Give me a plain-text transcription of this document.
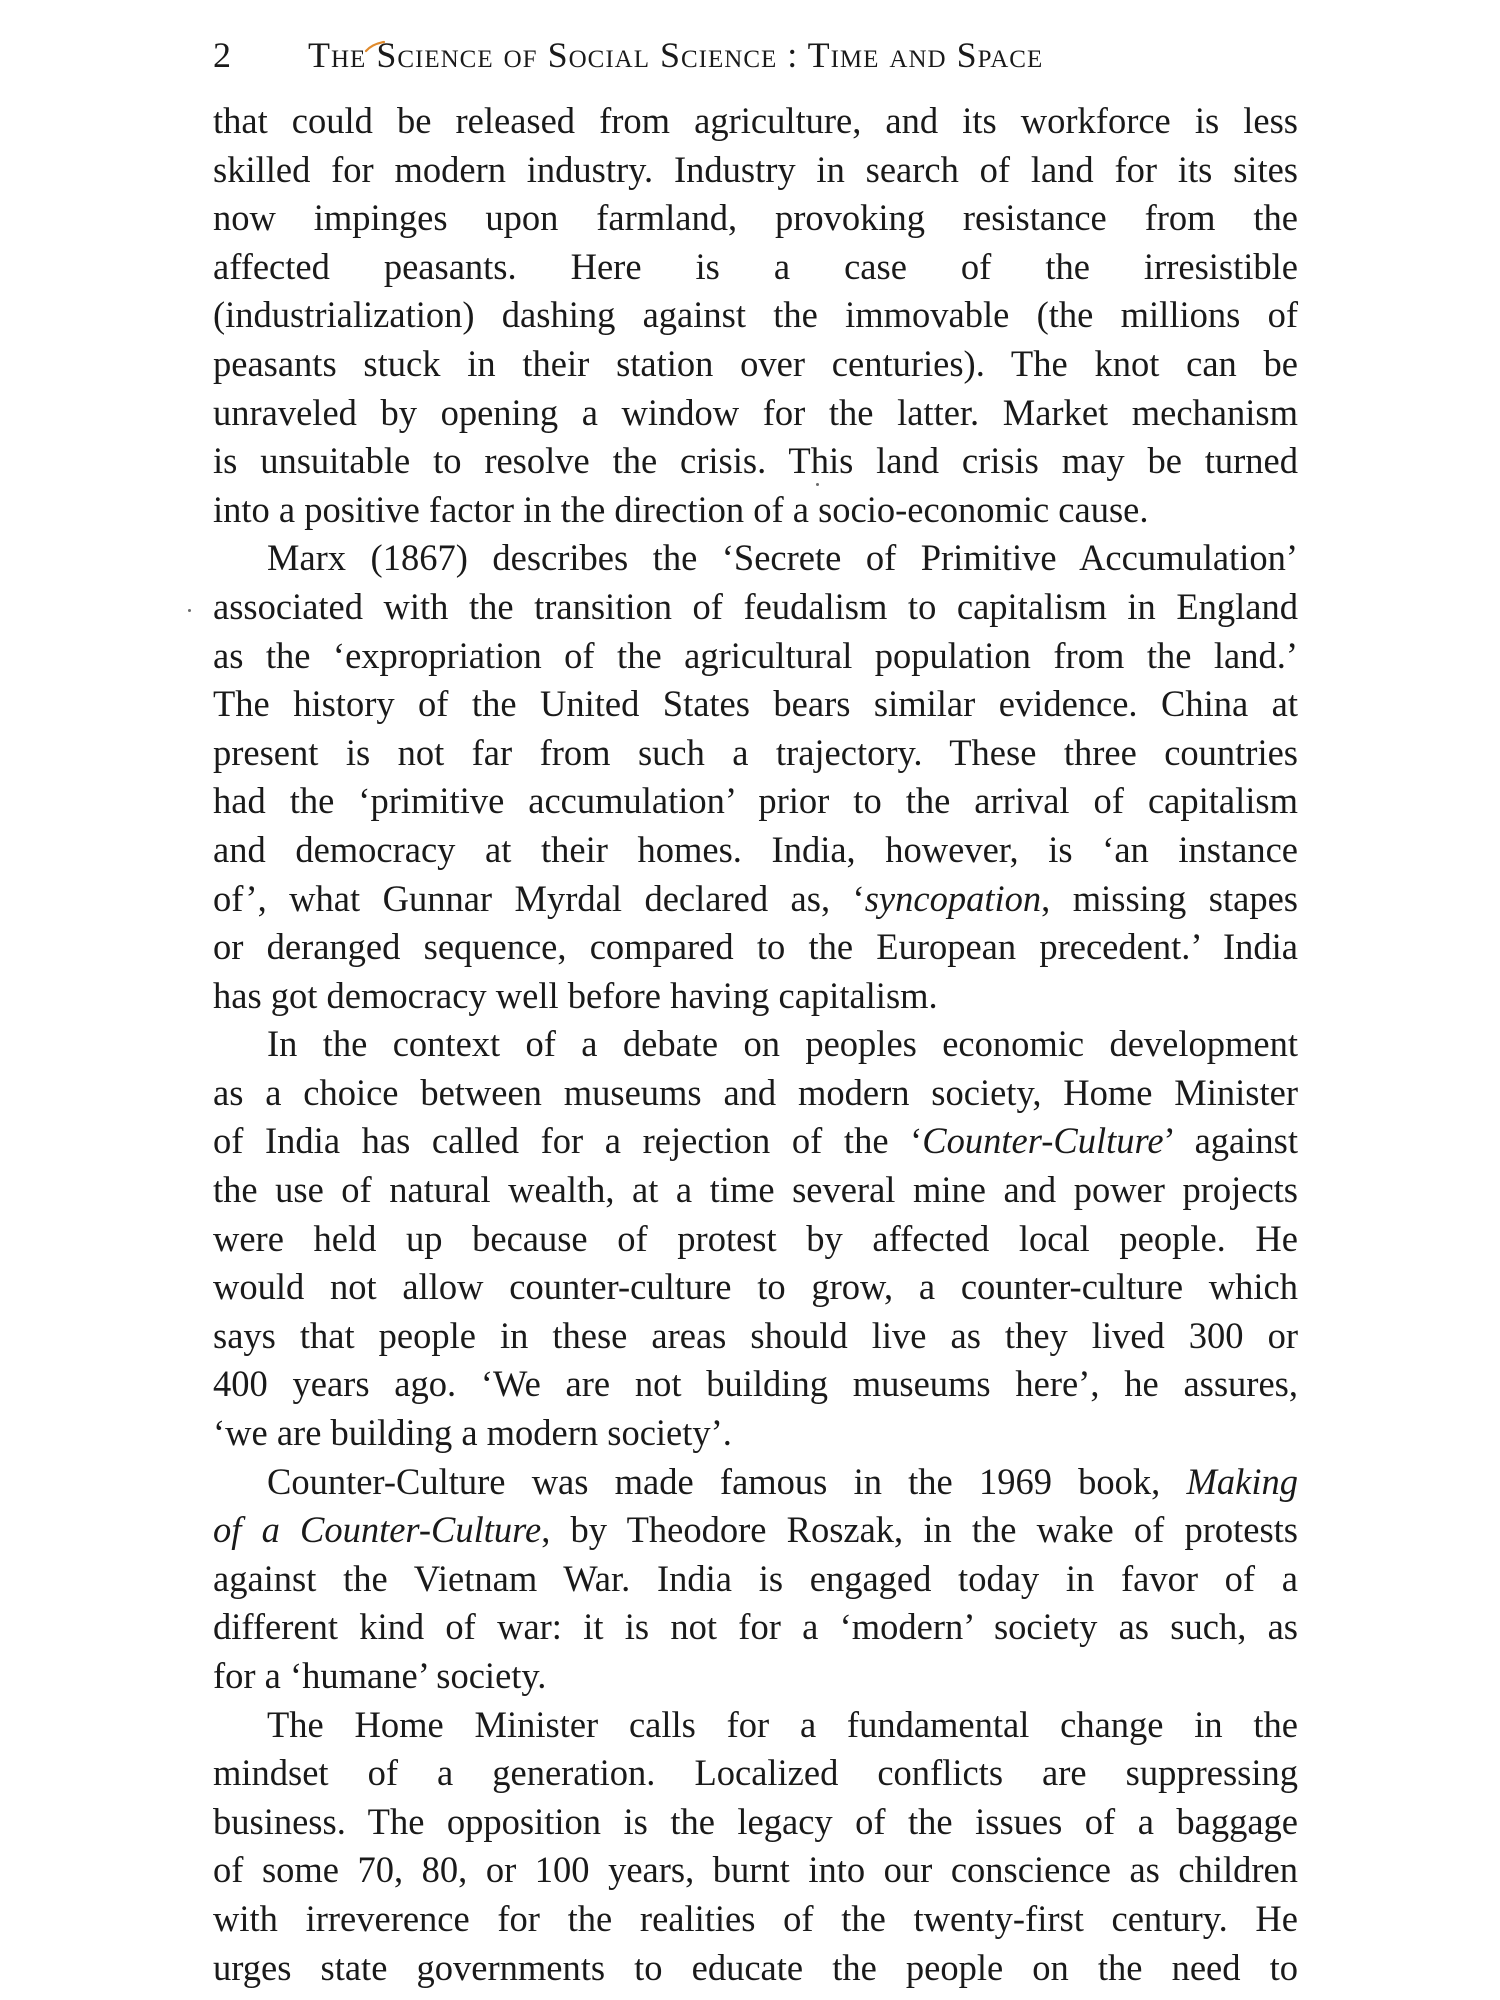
2	The Science of Social Science : Time and Space
that could be released from agriculture, and its workforce is less
skilled for modern industry. Industry in search of land for its sites
now impinges upon farmland, provoking resistance from the
affected peasants. Here is a case of the irresistible
(industrialization) dashing against the immovable (the millions of
peasants stuck in their station over centuries). The knot can be
unraveled by opening a window for the latter. Market mechanism
is unsuitable to resolve the crisis. This land crisis may be turned
into a positive factor in the direction of a socio-economic cause.
Marx (1867) describes the ‘Secrete of Primitive Accumulation’
associated with the transition of feudalism to capitalism in England
as the ‘expropriation of the agricultural population from the land.’
The history of the United States bears similar evidence. China at
present is not far from such a trajectory. These three countries
had the ‘primitive accumulation’ prior to the arrival of capitalism
and democracy at their homes. India, however, is ‘an instance
of’, what Gunnar Myrdal declared as, ‘syncopation, missing stapes
or deranged sequence, compared to the European precedent.’ India
has got democracy well before having capitalism.
In the context of a debate on peoples economic development
as a choice between museums and modern society, Home Minister
of India has called for a rejection of the ‘Counter-Culture’ against
the use of natural wealth, at a time several mine and power projects
were held up because of protest by affected local people. He
would not allow counter-culture to grow, a counter-culture which
says that people in these areas should live as they lived 300 or
400 years ago. ‘We are not building museums here’, he assures,
‘we are building a modern society’.
Counter-Culture was made famous in the 1969 book, Making
of a Counter-Culture, by Theodore Roszak, in the wake of protests
against the Vietnam War. India is engaged today in favor of a
different kind of war: it is not for a ‘modern’ society as such, as
for a ‘humane’ society.
The Home Minister calls for a fundamental change in the
mindset of a generation. Localized conflicts are suppressing
business. The opposition is the legacy of the issues of a baggage
of some 70, 80, or 100 years, burnt into our conscience as children
with irreverence for the realities of the twenty-first century. He
urges state governments to educate the people on the need to
